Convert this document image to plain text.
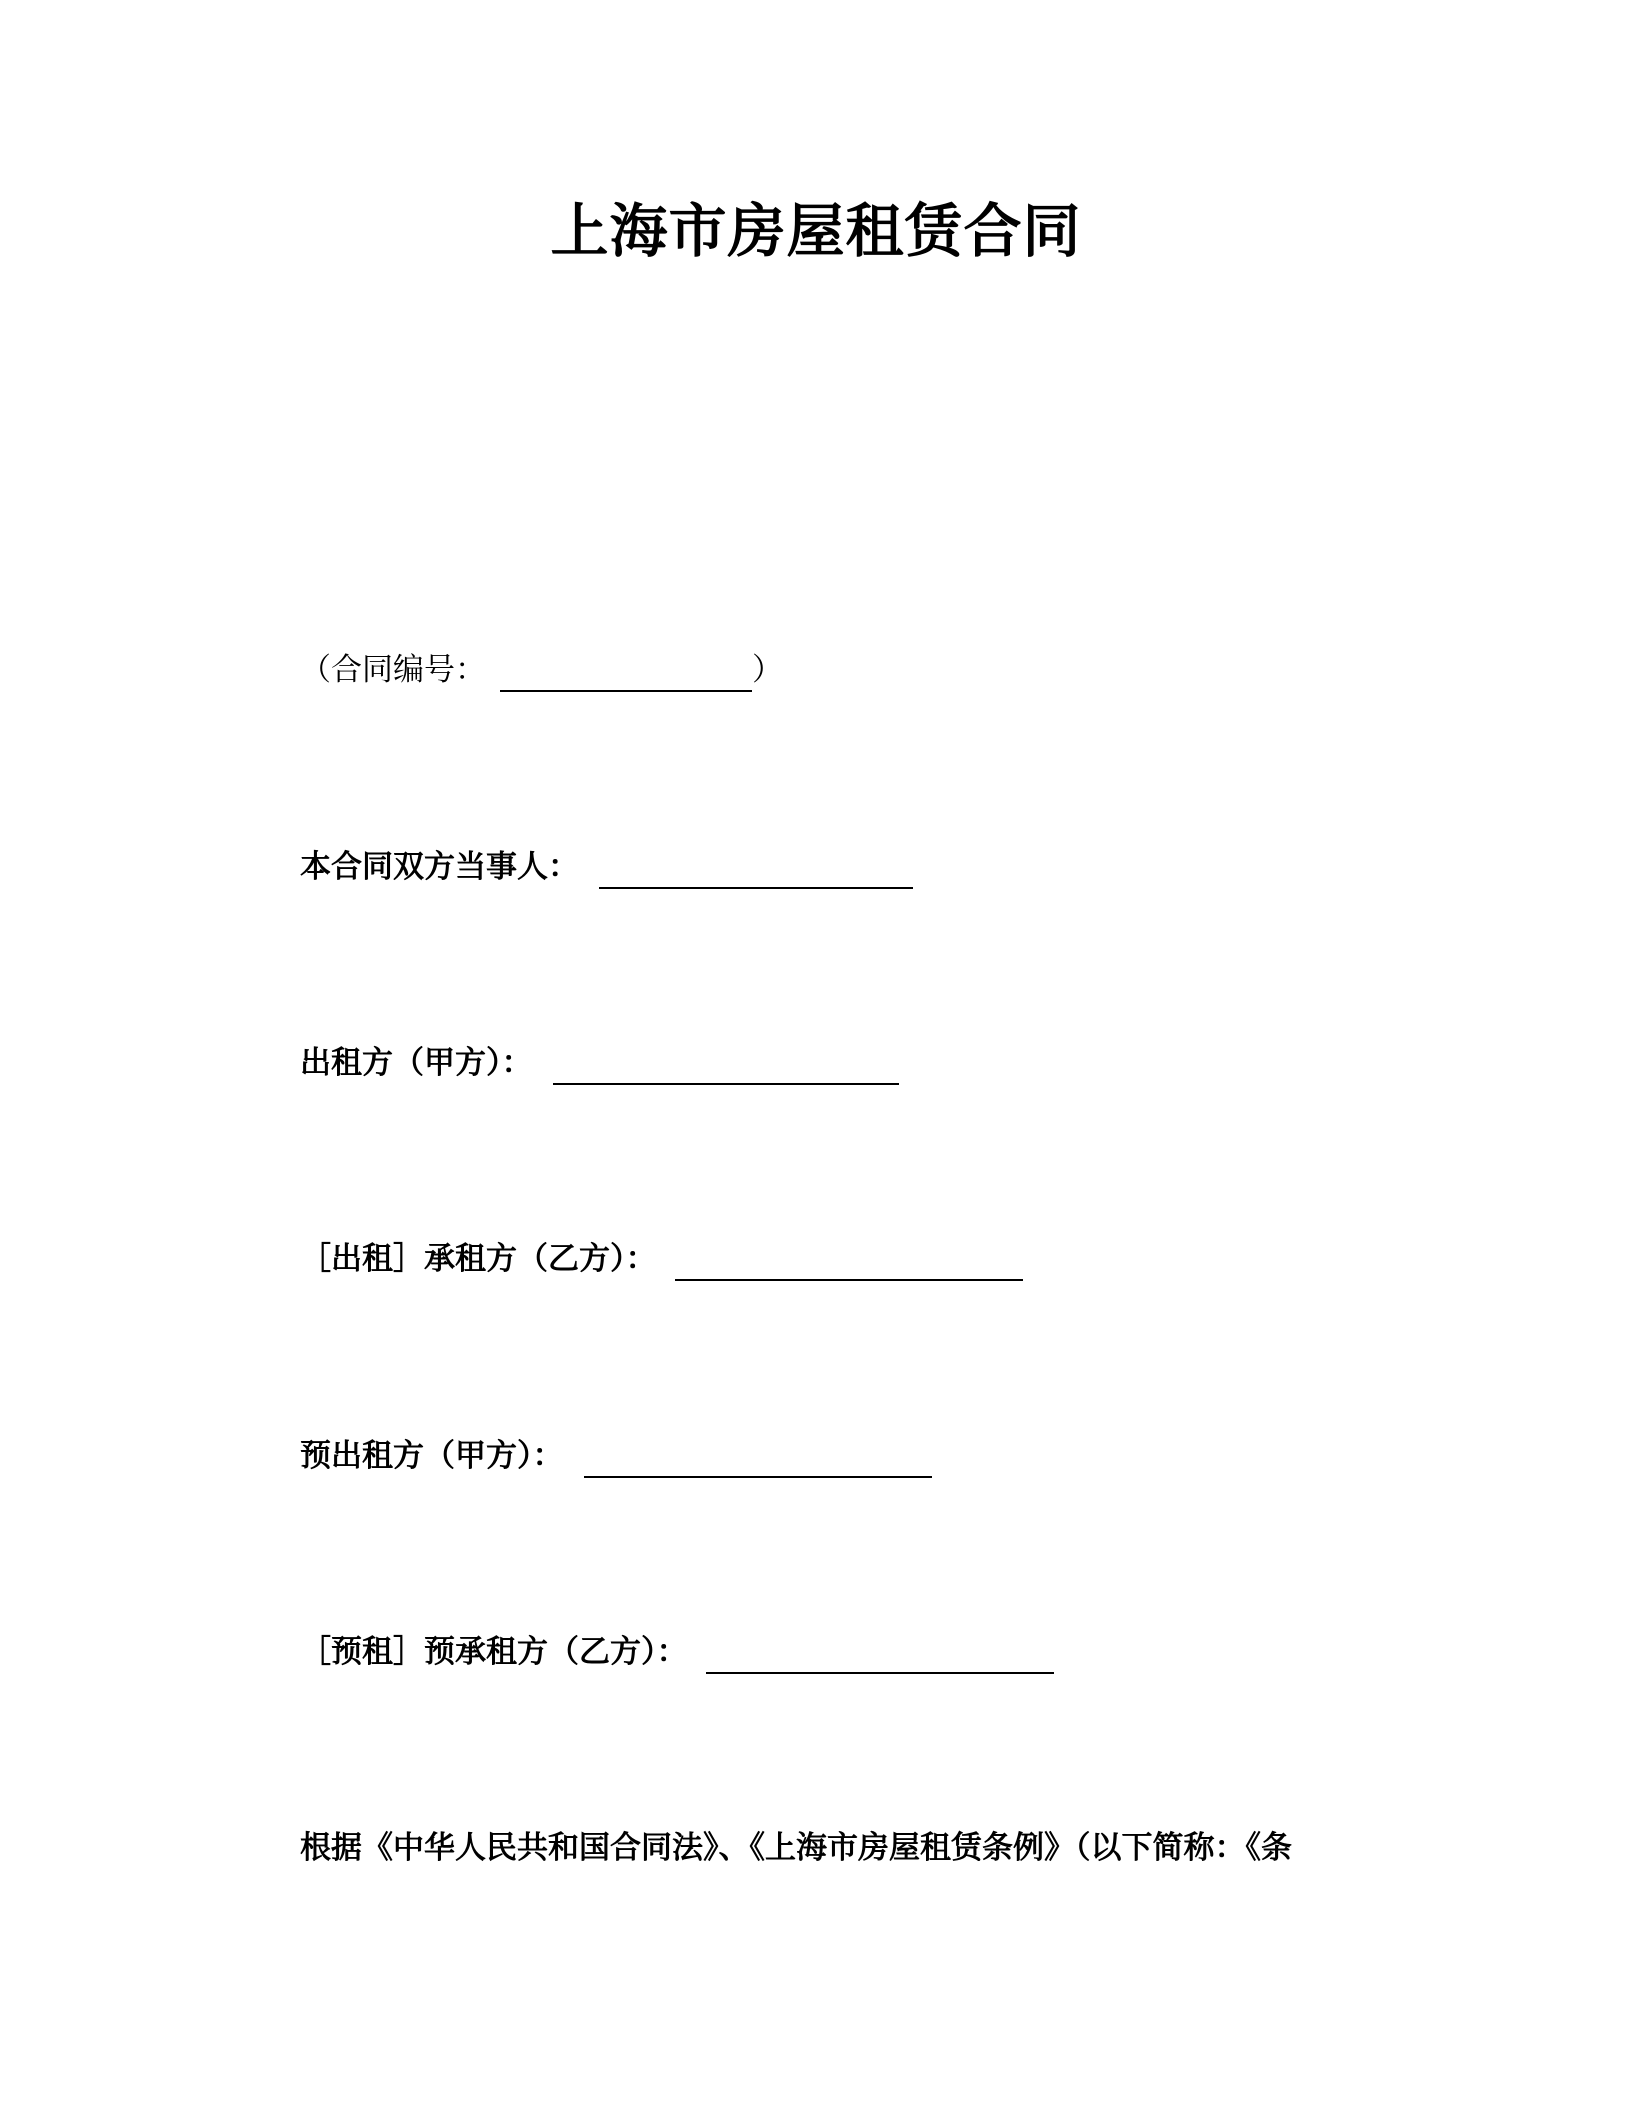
上海市房屋租赁合同
（合同编号：	）
本合同双方当事人：
出租方（甲方）：
［出租］承租方（乙方）：
预出租方（甲方）：
［预租］预承租方（乙方）：
根据《中华人民共和国合同法》、《上海市房屋租赁条例》（以下简称：《条
